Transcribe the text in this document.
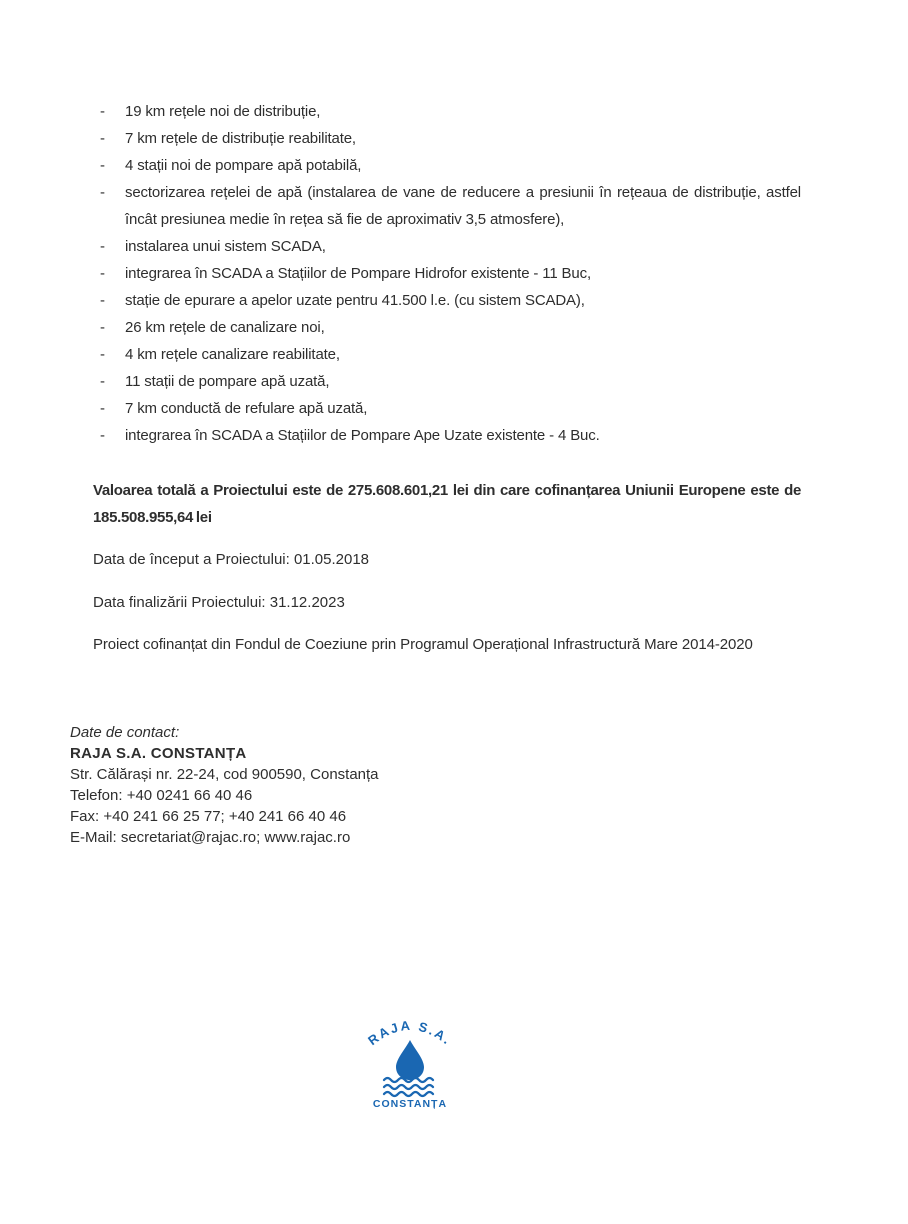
- 19 km rețele noi de distribuție,
- 7 km rețele de distribuție reabilitate,
- 4 stații noi de pompare apă potabilă,
- sectorizarea rețelei de apă (instalarea de vane de reducere a presiunii în rețeaua de distribuție, astfel încât presiunea medie în rețea să fie de aproximativ 3,5 atmosfere),
- instalarea unui sistem SCADA,
- integrarea în SCADA a Stațiilor de Pompare Hidrofor existente - 11 Buc,
- stație de epurare a apelor uzate pentru 41.500 l.e. (cu sistem SCADA),
- 26 km rețele de canalizare noi,
- 4 km rețele canalizare reabilitate,
- 11 stații de pompare apă uzată,
- 7 km conductă de refulare apă uzată,
- integrarea în SCADA a Stațiilor de Pompare Ape Uzate existente - 4 Buc.
Valoarea totală a Proiectului este de 275.608.601,21 lei din care cofinanțarea Uniunii Europene este de 185.508.955,64 lei
Data de început a Proiectului: 01.05.2018
Data finalizării Proiectului: 31.12.2023
Proiect cofinanțat din Fondul de Coeziune prin Programul Operațional Infrastructură Mare 2014-2020
Date de contact:
RAJA S.A. CONSTANȚA
Str. Călărași nr. 22-24, cod 900590, Constanța
Telefon: +40 0241 66 40 46
Fax: +40 241 66 25 77; +40 241 66 40 46
E-Mail: secretariat@rajac.ro; www.rajac.ro
RAJA S.A.
CONSTANȚA
